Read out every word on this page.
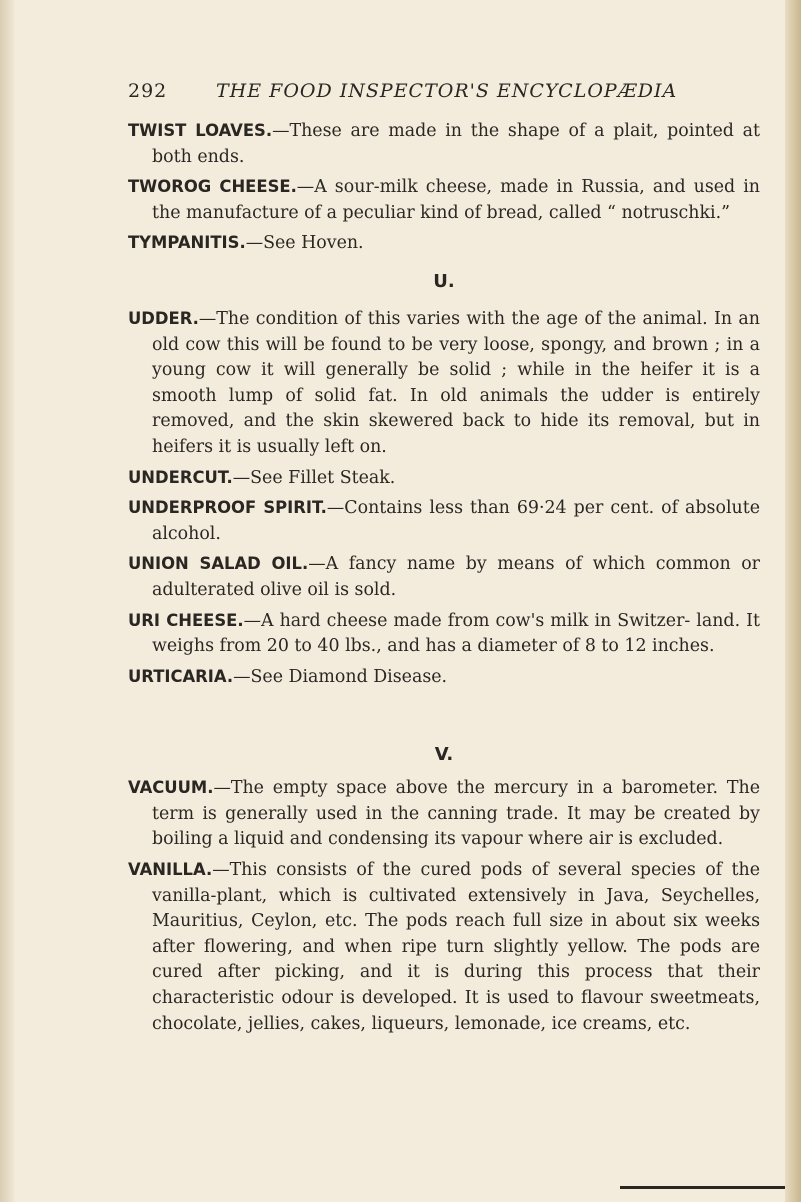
292	THE FOOD INSPECTOR'S ENCYCLOPÆDIA

TWIST LOAVES.—These are made in the shape of a plait, pointed at both ends.

TWOROG CHEESE.—A sour-milk cheese, made in Russia, and used in the manufacture of a peculiar kind of bread, called “ notruschki.”

TYMPANITIS.—See Hoven.

U.

UDDER.—The condition of this varies with the age of the animal. In an old cow this will be found to be very loose, spongy, and brown ; in a young cow it will generally be solid ; while in the heifer it is a smooth lump of solid fat. In old animals the udder is entirely removed, and the skin skewered back to hide its removal, but in heifers it is usually left on.

UNDERCUT.—See Fillet Steak.

UNDERPROOF SPIRIT.—Contains less than 69·24 per cent. of absolute alcohol.

UNION SALAD OIL.—A fancy name by means of which common or adulterated olive oil is sold.

URI CHEESE.—A hard cheese made from cow's milk in Switzer- land. It weighs from 20 to 40 lbs., and has a diameter of 8 to 12 inches.

URTICARIA.—See Diamond Disease.

V.

VACUUM.—The empty space above the mercury in a barometer. The term is generally used in the canning trade. It may be created by boiling a liquid and condensing its vapour where air is excluded.

VANILLA.—This consists of the cured pods of several species of the vanilla-plant, which is cultivated extensively in Java, Seychelles, Mauritius, Ceylon, etc. The pods reach full size in about six weeks after flowering, and when ripe turn slightly yellow. The pods are cured after picking, and it is during this process that their characteristic odour is developed. It is used to flavour sweetmeats, chocolate, jellies, cakes, liqueurs, lemonade, ice creams, etc.
